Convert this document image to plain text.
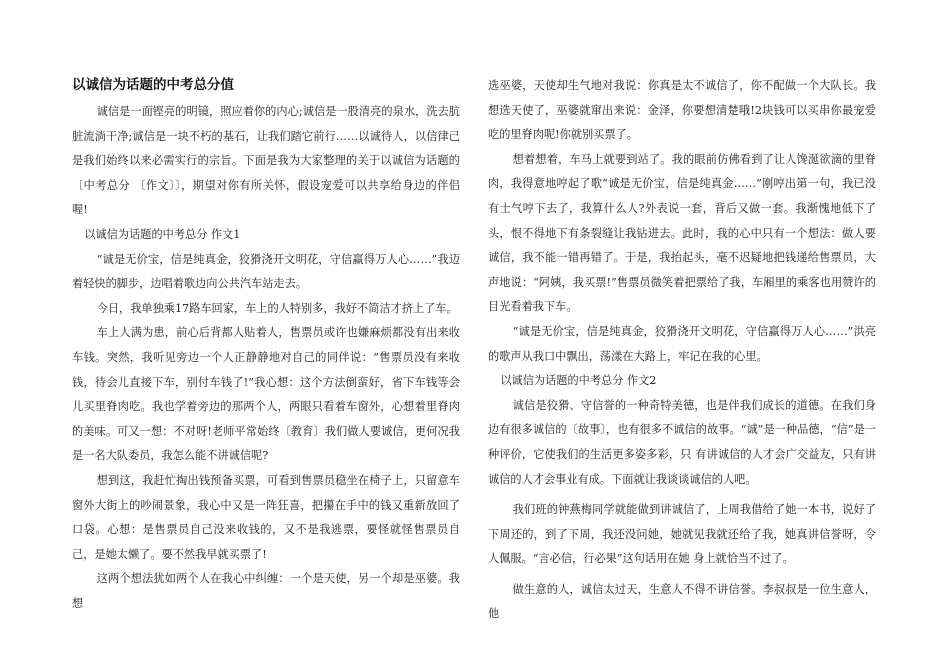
以诚信为话题的中考总分值

诚信是一面铿亮的明镜，照应着你的内心;诚信是一股清亮的泉水，洗去肮脏流淌干净;诚信是一块不朽的基石，让我们踏它前行……以诚待人，以信律己是我们始终以来必需实行的宗旨。下面是我为大家整理的关于以诚信为话题的〔中考总分 〔作文〕〕，期望对你有所关怀，假设宠爱可以共享给身边的伴侣喔!

以诚信为话题的中考总分 作文1

“诚是无价宝，信是纯真金，狡猾浇开文明花，守信赢得万人心……”我迈着轻快的脚步，边唱着歌边向公共汽车站走去。

今日，我单独乘17路车回家，车上的人特别多，我好不简洁才挤上了车。

车上人满为患，前心后背都人贴着人，售票员或许也嫌麻烦都没有出来收车钱。突然，我听见旁边一个人正静静地对自己的同伴说：“售票员没有来收钱，待会儿直接下车，别付车钱了!”我心想：这个方法倒蛮好，省下车钱等会儿买里脊肉吃。我也学着旁边的那两个人，两眼只看着车窗外，心想着里脊肉的美味。可又一想：不对呀!老师平常始终〔教育〕我们做人要诚信，更何况我是一名大队委员，我怎么能不讲诚信呢?

想到这，我赶忙掏出钱预备买票，可看到售票员稳坐在椅子上，只留意车窗外大街上的吵闹景象，我心中又是一阵狂喜，把攥在手中的钱又重新放回了口袋。心想：是售票员自己没来收钱的，又不是我逃票，要怪就怪售票员自己，是她太懒了。要不然我早就买票了!

这两个想法犹如两个人在我心中纠缠：一个是天使，另一个却是巫婆。我想

选巫婆，天使却生气地对我说：你真是太不诚信了，你不配做一个大队长。我想选天使了，巫婆就窜出来说：金泽，你要想清楚哦!2块钱可以买串你最宠爱吃的里脊肉呢!你就别买票了。

想着想着，车马上就要到站了。我的眼前仿佛看到了让人馋涎欲滴的里脊肉，我得意地哼起了歌“诚是无价宝，信是纯真金……”刚哼出第一句，我已没有士气哼下去了，我算什么人?外表说一套，背后又做一套。我渐愧地低下了头，恨不得地下有条裂缝让我钻进去。此时，我的心中只有一个想法：做人要诚信，我不能一错再错了。于是，我抬起头，毫不迟疑地把钱递给售票员，大声地说：“阿姨，我买票!”售票员微笑着把票给了我，车厢里的乘客也用赞许的目光看着我下车。

“诚是无价宝，信是纯真金，狡猾浇开文明花，守信赢得万人心……”洪亮的歌声从我口中飘出，荡漾在大路上，牢记在我的心里。

以诚信为话题的中考总分 作文2

诚信是狡猾、守信誉的一种奇特美德，也是伴我们成长的道德。在我们身边有很多诚信的〔故事〕，也有很多不诚信的故事。“诚”是一种品德，“信”是一种评价，它使我们的生活更多姿多彩，只 有讲诚信的人才会广交益友，只有讲诚信的人才会事业有成。下面就让我谈谈诚信的人吧。

我们班的钟燕梅同学就能做到讲诚信了，上周我借给了她一本书，说好了下周还的，到了下周，我还没问她，她就见我就还给了我，她真讲信誉呀，令人佩服。“言必信，行必果”这句话用在她 身上就恰当不过了。

做生意的人，诚信太过天，生意人不得不讲信誉。李叔叔是一位生意人，他
